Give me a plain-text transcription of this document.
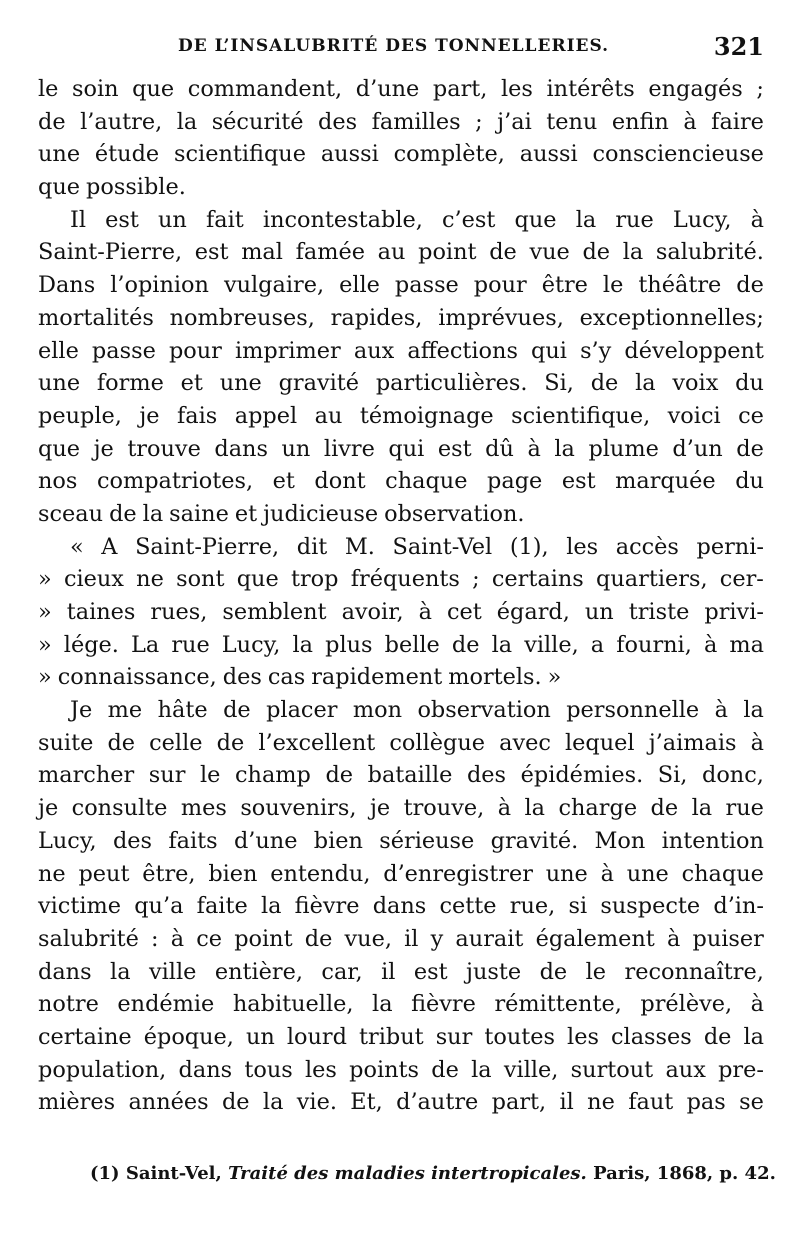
DE L’INSALUBRITÉ DES TONNELLERIES.	321
le soin que commandent, d’une part, les intérêts engagés ;
de l’autre, la sécurité des familles ; j’ai tenu enfin à faire
une étude scientifique aussi complète, aussi consciencieuse
que possible.
Il est un fait incontestable, c’est que la rue Lucy, à
Saint-Pierre, est mal famée au point de vue de la salubrité.
Dans l’opinion vulgaire, elle passe pour être le théâtre de
mortalités nombreuses, rapides, imprévues, exceptionnelles;
elle passe pour imprimer aux affections qui s’y développent
une forme et une gravité particulières. Si, de la voix du
peuple, je fais appel au témoignage scientifique, voici ce
que je trouve dans un livre qui est dû à la plume d’un de
nos compatriotes, et dont chaque page est marquée du
sceau de la saine et judicieuse observation.
« A Saint-Pierre, dit M. Saint-Vel (1), les accès perni-
» cieux ne sont que trop fréquents ; certains quartiers, cer-
» taines rues, semblent avoir, à cet égard, un triste privi-
» lége. La rue Lucy, la plus belle de la ville, a fourni, à ma
» connaissance, des cas rapidement mortels. »
Je me hâte de placer mon observation personnelle à la
suite de celle de l’excellent collègue avec lequel j’aimais à
marcher sur le champ de bataille des épidémies. Si, donc,
je consulte mes souvenirs, je trouve, à la charge de la rue
Lucy, des faits d’une bien sérieuse gravité. Mon intention
ne peut être, bien entendu, d’enregistrer une à une chaque
victime qu’a faite la fièvre dans cette rue, si suspecte d’in-
salubrité : à ce point de vue, il y aurait également à puiser
dans la ville entière, car, il est juste de le reconnaître,
notre endémie habituelle, la fièvre rémittente, prélève, à
certaine époque, un lourd tribut sur toutes les classes de la
population, dans tous les points de la ville, surtout aux pre-
mières années de la vie. Et, d’autre part, il ne faut pas se
(1) Saint-Vel, Traité des maladies intertropicales. Paris, 1868, p. 42.
